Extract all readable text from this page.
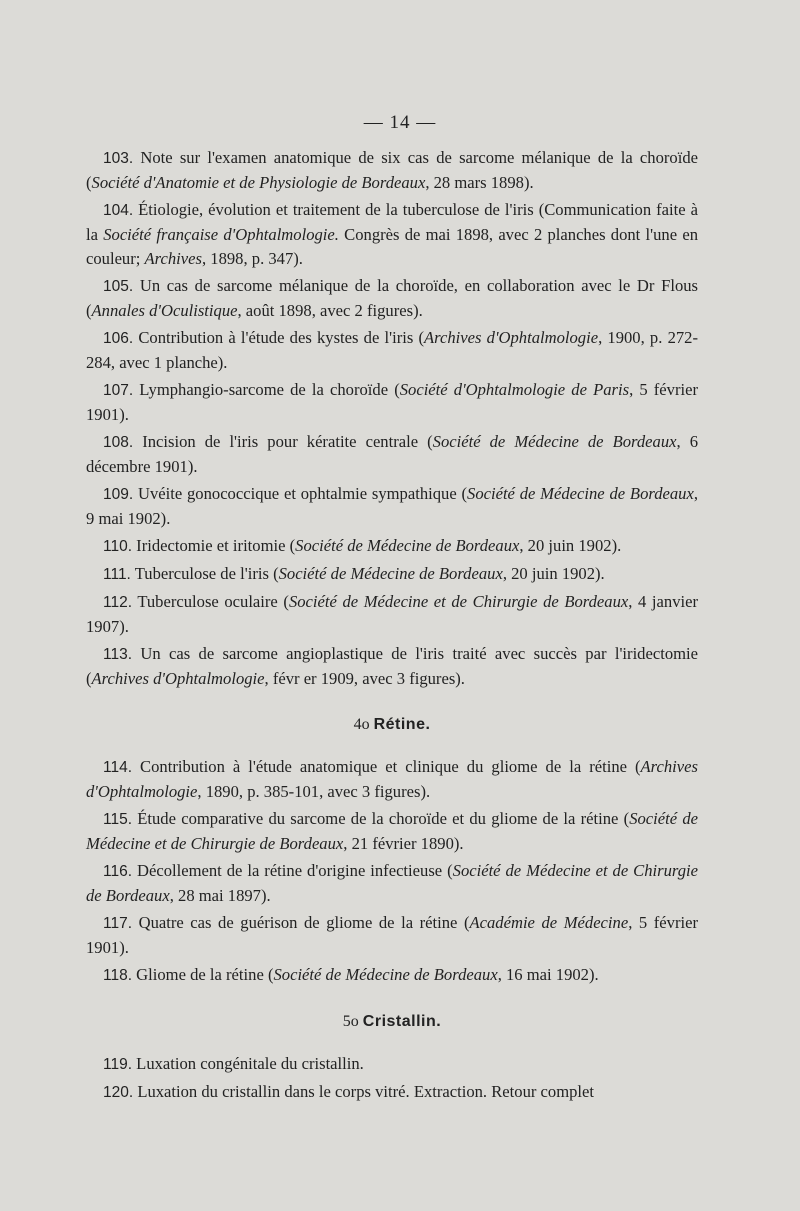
— 14 —

103. Note sur l'examen anatomique de six cas de sarcome mélanique de la choroïde (Société d'Anatomie et de Physiologie de Bordeaux, 28 mars 1898).

104. Étiologie, évolution et traitement de la tuberculose de l'iris (Communication faite à la Société française d'Ophtalmologie. Congrès de mai 1898, avec 2 planches dont l'une en couleur; Archives, 1898, p. 347).

105. Un cas de sarcome mélanique de la choroïde, en collaboration avec le Dr Flous (Annales d'Oculistique, août 1898, avec 2 figures).

106. Contribution à l'étude des kystes de l'iris (Archives d'Ophtalmologie, 1900, p. 272-284, avec 1 planche).

107. Lymphangio-sarcome de la choroïde (Société d'Ophtalmologie de Paris, 5 février 1901).

108. Incision de l'iris pour kératite centrale (Société de Médecine de Bordeaux, 6 décembre 1901).

109. Uvéite gonococcique et ophtalmie sympathique (Société de Médecine de Bordeaux, 9 mai 1902).

110. Iridectomie et iritomie (Société de Médecine de Bordeaux, 20 juin 1902).

111. Tuberculose de l'iris (Société de Médecine de Bordeaux, 20 juin 1902).

112. Tuberculose oculaire (Société de Médecine et de Chirurgie de Bordeaux, 4 janvier 1907).

113. Un cas de sarcome angioplastique de l'iris traité avec succès par l'iridectomie (Archives d'Ophtalmologie, févr er 1909, avec 3 figures).

4o Rétine.

114. Contribution à l'étude anatomique et clinique du gliome de la rétine (Archives d'Ophtalmologie, 1890, p. 385-101, avec 3 figures).

115. Étude comparative du sarcome de la choroïde et du gliome de la rétine (Société de Médecine et de Chirurgie de Bordeaux, 21 février 1890).

116. Décollement de la rétine d'origine infectieuse (Société de Médecine et de Chirurgie de Bordeaux, 28 mai 1897).

117. Quatre cas de guérison de gliome de la rétine (Académie de Médecine, 5 février 1901).

118. Gliome de la rétine (Société de Médecine de Bordeaux, 16 mai 1902).

5o Cristallin.

119. Luxation congénitale du cristallin.

120. Luxation du cristallin dans le corps vitré. Extraction. Retour complet
